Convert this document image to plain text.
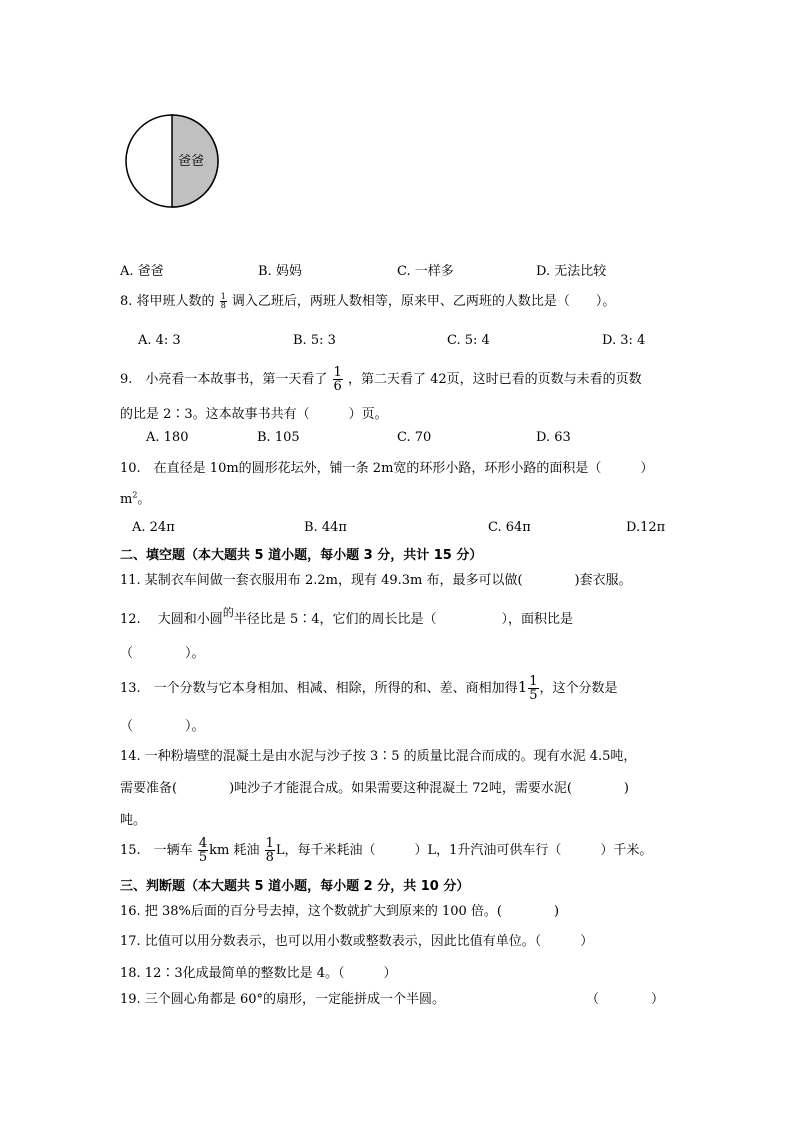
爸爸
A. 爸爸	B. 妈妈	C. 一样多	D. 无法比较
8. 将甲班人数的 $\frac{1}{8}$ 调入乙班后，两班人数相等，原来甲、乙两班的人数比是（　　）。
A. 4: 3	B. 5: 3	C. 5: 4	D. 3: 4
9.　小亮看一本故事书，第一天看了 $\frac{1}{6}$ ，第二天看了 42页，这时已看的页数与未看的页数
的比是 2∶3。这本故事书共有（　　　）页。
A. 180	B. 105	C. 70	D. 63
10.　在直径是 10m的圆形花坛外，铺一条 2m宽的环形小路，环形小路的面积是（　　　）
$m^2$。
A. 24π	B. 44π	C. 64π	D.12π
二、填空题（本大题共 5 道小题，每小题 3 分，共计 15 分）
11. 某制衣车间做一套衣服用布 2.2m，现有 49.3m 布，最多可以做(　　　　)套衣服。
12.　 大圆和小圆$^的$半径比是 5∶4，它们的周长比是（　　　　　），面积比是
（　　　　）。
13.　一个分数与它本身相加、相减、相除，所得的和、差、商相加得$1 \frac{1}{5}$ ，这个分数是
（　　　　）。
14. 一种粉墙壁的混凝土是由水泥与沙子按 3∶5 的质量比混合而成的。现有水泥 4.5吨，
需要准备(　　　　)吨沙子才能混合成。如果需要这种混凝土 72吨，需要水泥(　　　　)
吨。
15.　一辆车 $\frac{4}{5}$ km 耗油 $\frac{1}{8}$ L，每千米耗油（　　　）L，1升汽油可供车行（　　　）千米。
三、判断题（本大题共 5 道小题，每小题 2 分，共 10 分）
16. 把 38%后面的百分号去掉，这个数就扩大到原来的 100 倍。(　　　　)
17. 比值可以用分数表示，也可以用小数或整数表示，因此比值有单位。（　　　）
18. 12∶3化成最简单的整数比是 4。（　　　）
19. 三个圆心角都是 60°的扇形，一定能拼成一个半圆。	（　　　　）
